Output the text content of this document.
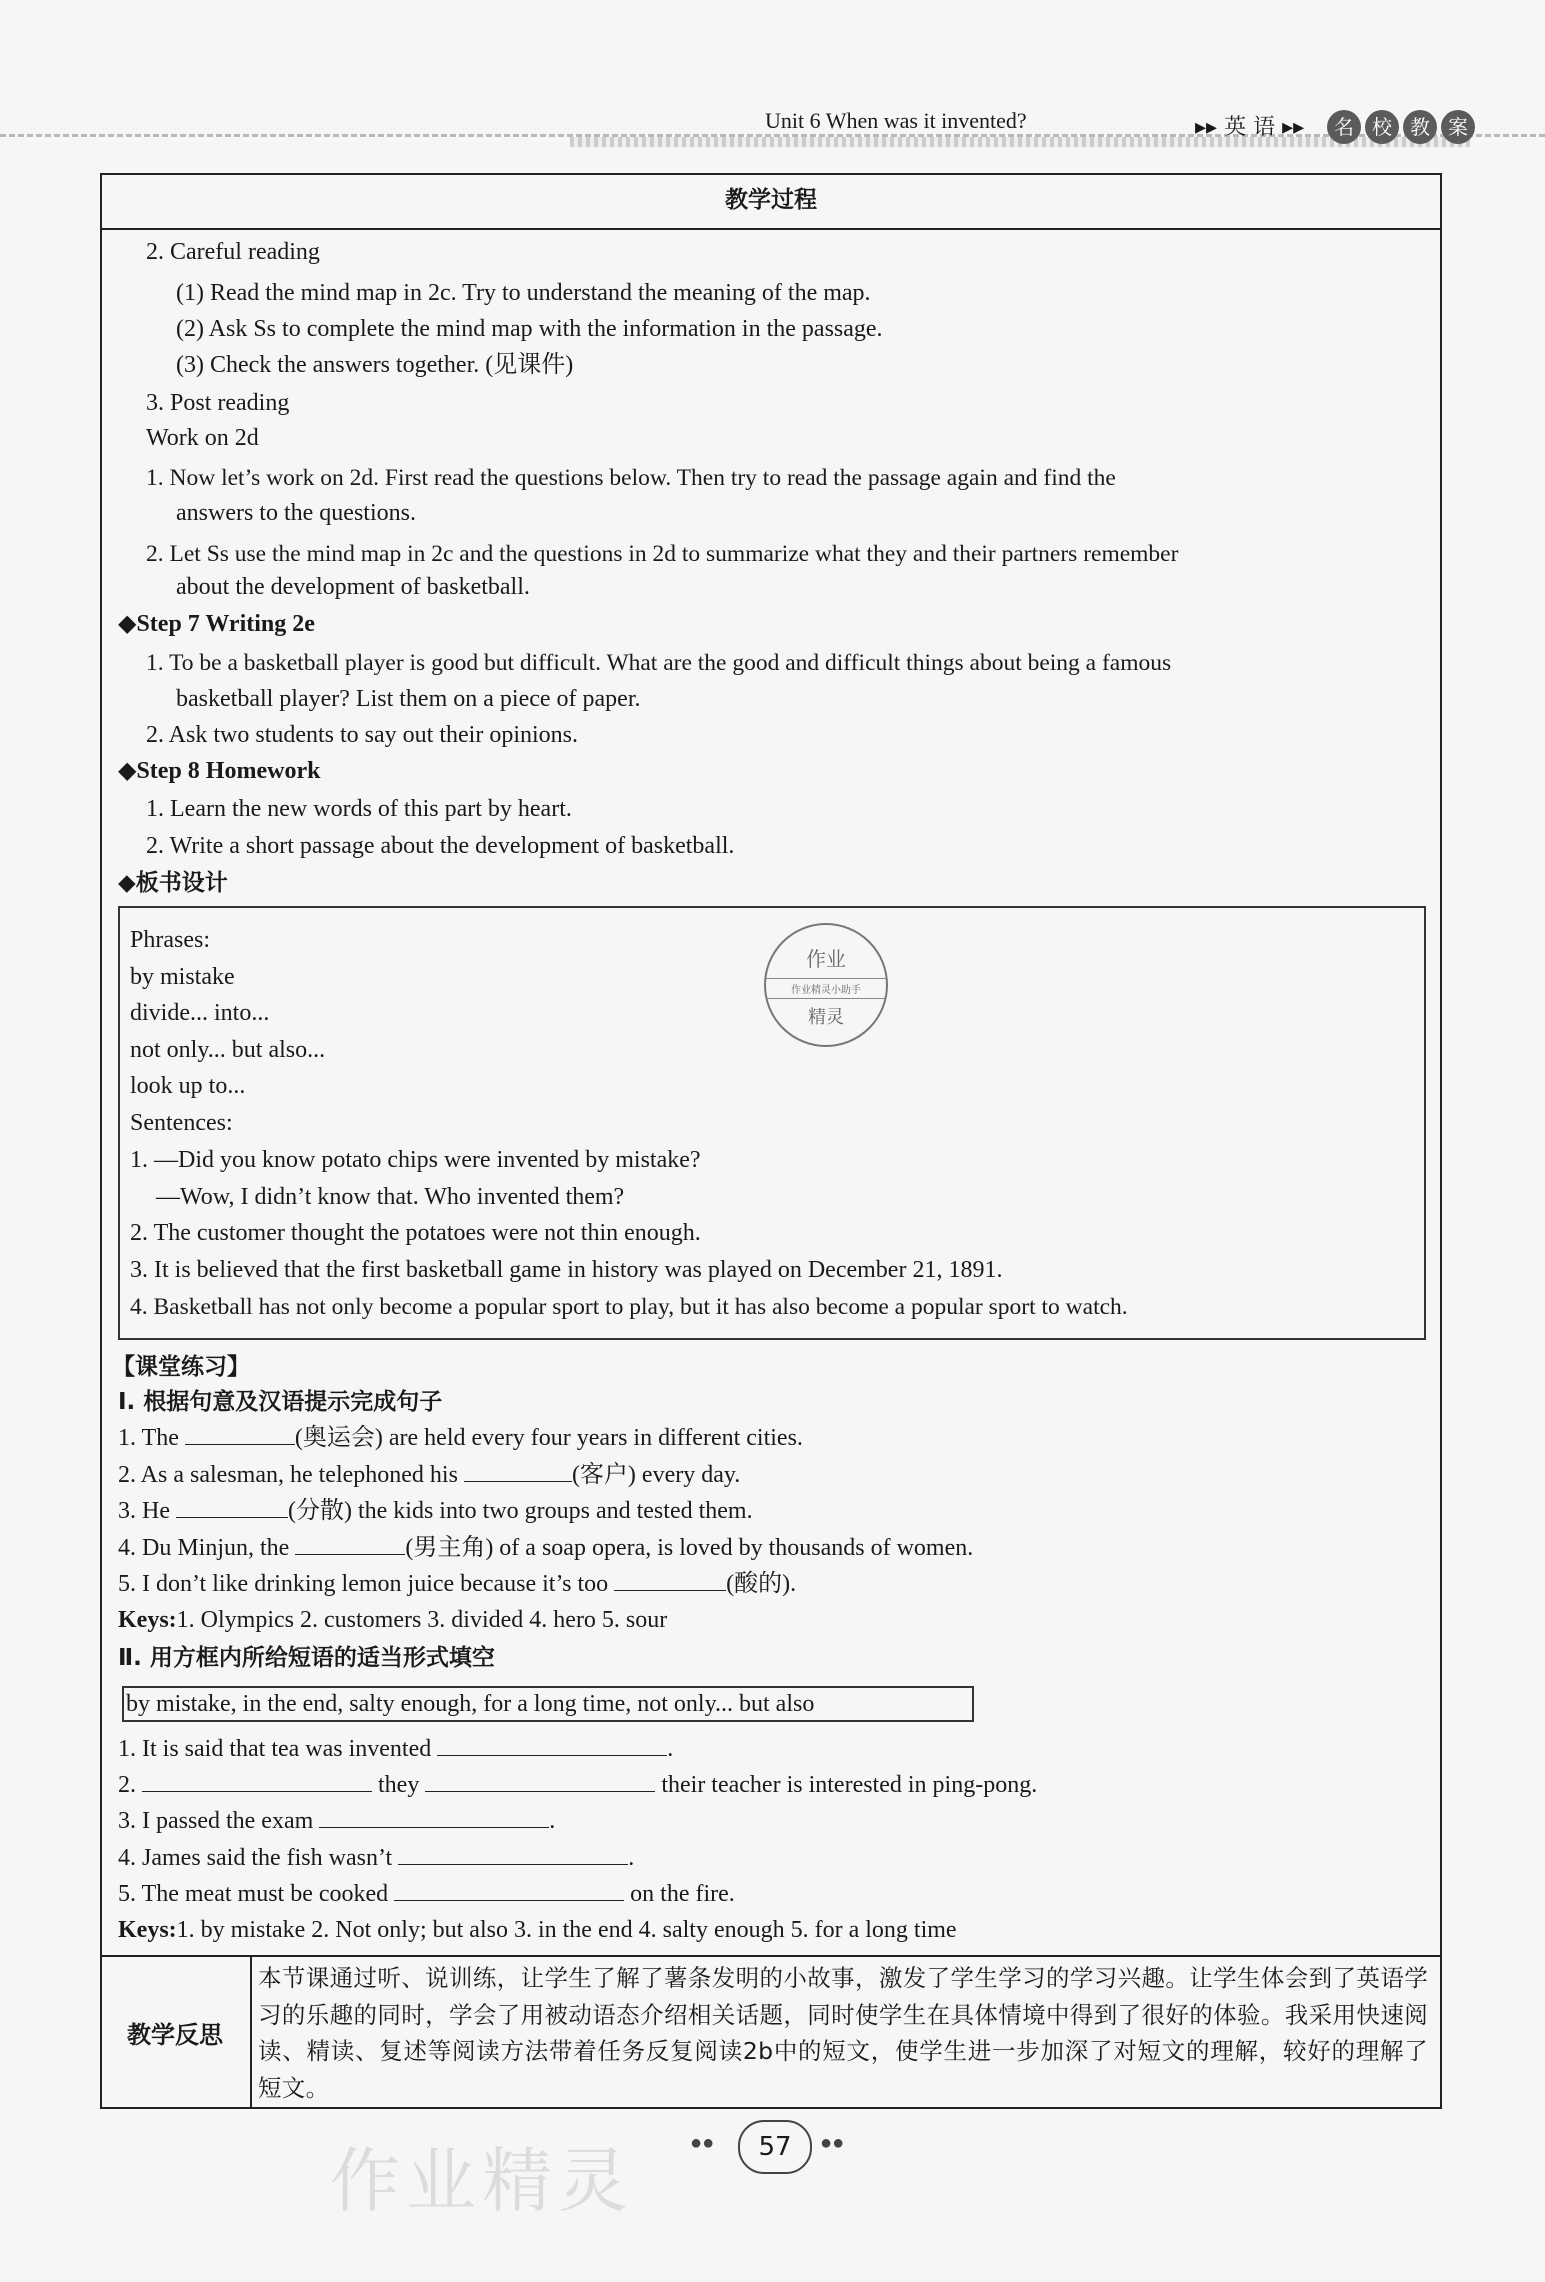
Unit 6 When was it invented?	▸▸ 英 语 ▸▸	名 校 教 案
教学过程
2. Careful reading
(1) Read the mind map in 2c. Try to understand the meaning of the map.
(2) Ask Ss to complete the mind map with the information in the passage.
(3) Check the answers together. (见课件)
3. Post reading
Work on 2d
1. Now let’s work on 2d. First read the questions below. Then try to read the passage again and find the
answers to the questions.
2. Let Ss use the mind map in 2c and the questions in 2d to summarize what they and their partners remember
about the development of basketball.
◆Step 7 Writing 2e
1. To be a basketball player is good but difficult. What are the good and difficult things about being a famous
basketball player? List them on a piece of paper.
2. Ask two students to say out their opinions.
◆Step 8 Homework
1. Learn the new words of this part by heart.
2. Write a short passage about the development of basketball.
◆板书设计
Phrases:
by mistake
divide... into...
not only... but also...
look up to...
Sentences:
1. —Did you know potato chips were invented by mistake?
—Wow, I didn’t know that. Who invented them?
2. The customer thought the potatoes were not thin enough.
3. It is believed that the first basketball game in history was played on December 21, 1891.
4. Basketball has not only become a popular sport to play, but it has also become a popular sport to watch.
作业
作业精灵小助手
精灵
【课堂练习】
Ⅰ. 根据句意及汉语提示完成句子
1. The	(奥运会) are held every four years in different cities.
2. As a salesman, he telephoned his	(客户) every day.
3. He	(分散) the kids into two groups and tested them.
4. Du Minjun, the	(男主角) of a soap opera, is loved by thousands of women.
5. I don’t like drinking lemon juice because it’s too	(酸的).
Keys:1. Olympics 2. customers 3. divided 4. hero 5. sour
Ⅱ. 用方框内所给短语的适当形式填空
by mistake, in the end, salty enough, for a long time, not only... but also
1. It is said that tea was invented	.
2.	they	their teacher is interested in ping-pong.
3. I passed the exam	.
4. James said the fish wasn’t	.
5. The meat must be cooked	on the fire.
Keys:1. by mistake 2. Not only; but also 3. in the end 4. salty enough 5. for a long time
教学反思
本节课通过听、说训练，让学生了解了薯条发明的小故事，激发了学生学习的学习兴趣。让学生体会到了英语学习的乐趣的同时，学会了用被动语态介绍相关话题，同时使学生在具体情境中得到了很好的体验。我采用快速阅读、精读、复述等阅读方法带着任务反复阅读2b中的短文，使学生进一步加深了对短文的理解，较好的理解了短文。
作业精灵	●●	57	●●
